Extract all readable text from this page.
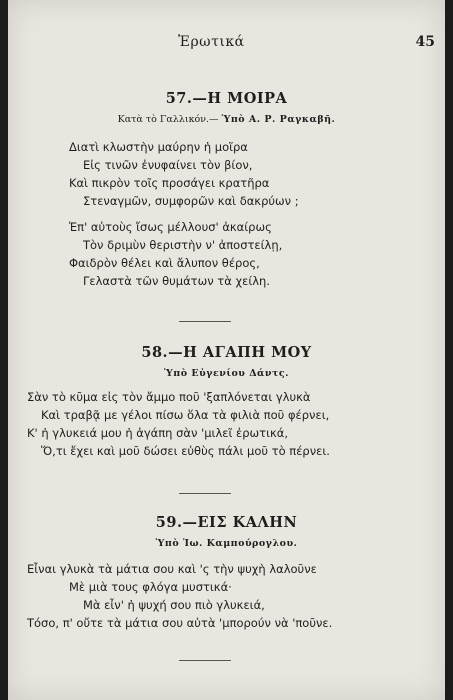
Ἐρωτικά	45
57.—Η ΜΟΙΡΑ

Κατὰ τὸ Γαλλικόν.— Ὑπὸ Α. Ρ. Ραγκαβῆ.

Διατὶ κλωστὴν μαύρην ἡ μοῖρα
Εἰς τινῶν ἐνυφαίνει τὸν βίον,
Καὶ πικρὸν τοῖς προσάγει κρατῆρα
Στεναγμῶν, συμφορῶν καὶ δακρύων ;
Ἐπ' αὐτοὺς ἴσως μέλλουσ' ἀκαίρως
Τὸν δριμὺν θεριστὴν ν' ἀποστείλῃ,
Φαιδρὸν θέλει καὶ ἄλυπον θέρος,
Γελαστὰ τῶν θυμάτων τὰ χείλη.
58.—Η ΑΓΑΠΗ ΜΟΥ

Ὑπὸ Εὐγενίου Δάντς.

Σὰν τὸ κῦμα εἰς τὸν ἄμμο ποῦ 'ξαπλόνεται γλυκὰ
Καὶ τραβᾷ με γέλοι πίσω ὅλα τὰ φιλιὰ ποῦ φέρνει,
Κ' ἡ γλυκειά μου ἡ ἀγάπη σὰν 'μιλεῖ ἐρωτικά,
Ὅ,τι ἔχει καὶ μοῦ δώσει εὐθὺς πάλι μοῦ τὸ πέρνει.
59.—ΕΙΣ ΚΑΛΗΝ

Ὑπὸ Ἰω. Καμπούρογλου.

Εἶναι γλυκὰ τὰ μάτια σου καὶ 'ς τὴν ψυχὴ λαλοῦνε
Μὲ μιὰ τους φλόγα μυστικά·
Μὰ εἶν' ἡ ψυχή σου πιὸ γλυκειά,
Τόσο, π' οὔτε τὰ μάτια σου αὐτὰ 'μπορούν νὰ 'ποῦνε.
